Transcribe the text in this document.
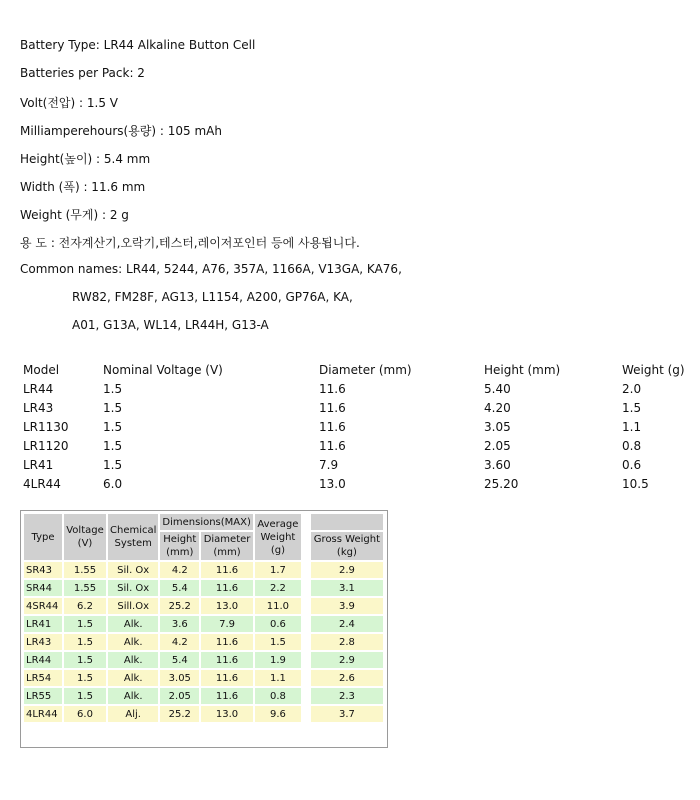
Battery Type: LR44 Alkaline Button Cell
Batteries per Pack: 2
Volt(전압) : 1.5 V
Milliamperehours(용량) : 105 mAh
Height(높이) : 5.4 mm
Width (폭) : 11.6 mm
Weight (무게) : 2 g
용 도 : 전자계산기,오락기,테스터,레이저포인터 등에 사용됩니다.
Common names: LR44, 5244, A76, 357A, 1166A, V13GA, KA76,
RW82, FM28F, AG13, L1154, A200, GP76A, KA,
A01, G13A, WL14, LR44H, G13-A
Model	Nominal Voltage (V)	Diameter (mm)	Height (mm)	Weight (g)
LR44	1.5	11.6	5.40	2.0
LR43	1.5	11.6	4.20	1.5
LR1130	1.5	11.6	3.05	1.1
LR1120	1.5	11.6	2.05	0.8
LR41	1.5	7.9	3.60	0.6
4LR44	6.0	13.0	25.20	10.5
Type	Voltage (V)	Chemical System	Dimensions(MAX)		Average Weight (g)		
			Height (mm)	Diameter (mm)			Gross Weight (kg)
SR43	1.55	Sil. Ox	4.2	11.6	1.7		2.9
SR44	1.55	Sil. Ox	5.4	11.6	2.2		3.1
4SR44	6.2	Sill.Ox	25.2	13.0	11.0		3.9
LR41	1.5	Alk.	3.6	7.9	0.6		2.4
LR43	1.5	Alk.	4.2	11.6	1.5		2.8
LR44	1.5	Alk.	5.4	11.6	1.9		2.9
LR54	1.5	Alk.	3.05	11.6	1.1		2.6
LR55	1.5	Alk.	2.05	11.6	0.8		2.3
4LR44	6.0	Alj.	25.2	13.0	9.6		3.7
